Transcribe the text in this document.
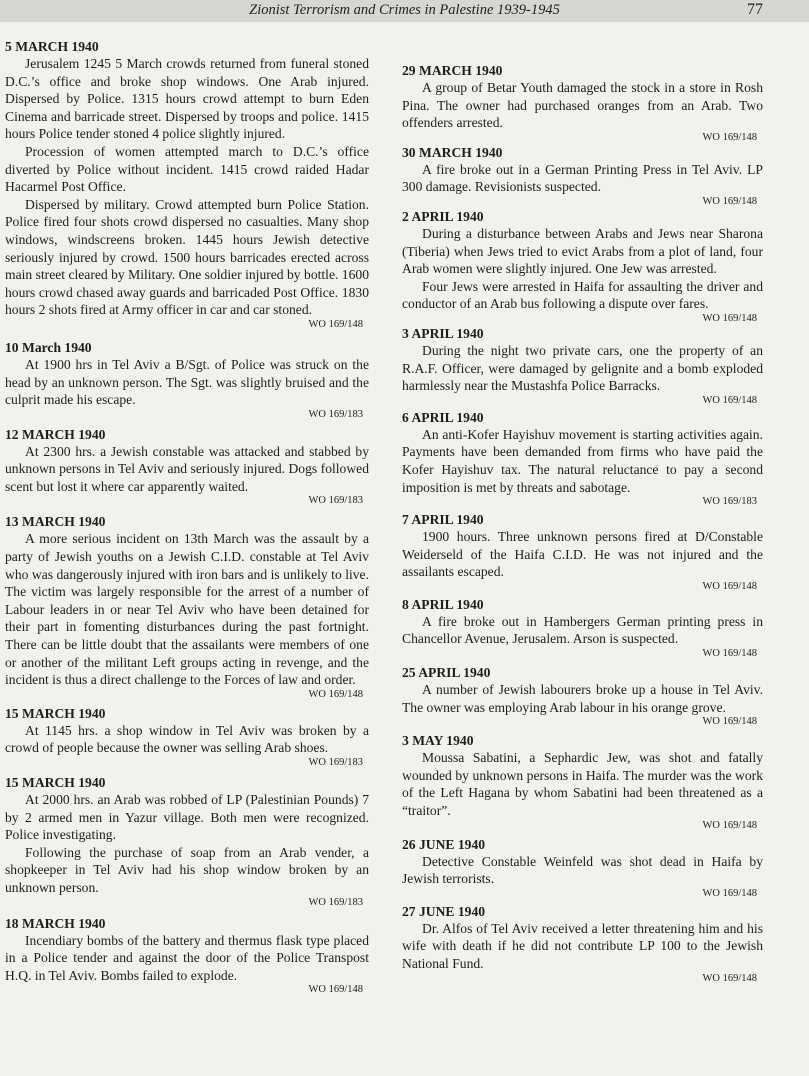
Zionist Terrorism and Crimes in Palestine 1939-1945	77
5 MARCH 1940

Jerusalem 1245 5 March crowds returned from funeral stoned D.C.’s office and broke shop windows. One Arab injured. Dispersed by Police. 1315 hours crowd attempt to burn Eden Cinema and barricade street. Dispersed by troops and police. 1415 hours Police tender stoned 4 police slightly injured.

Procession of women attempted march to D.C.’s office diverted by Police without incident. 1415 crowd raided Hadar Hacarmel Post Office.

Dispersed by military. Crowd attempted burn Police Station. Police fired four shots crowd dispersed no casualties. Many shop windows, windscreens broken. 1445 hours Jewish detective seriously injured by crowd. 1500 hours barricades erected across main street cleared by Military. One soldier injured by bottle. 1600 hours crowd chased away guards and barricaded Post Office. 1830 hours 2 shots fired at Army officer in car and car stoned.

WO 169/148
10 March 1940

At 1900 hrs in Tel Aviv a B/Sgt. of Police was struck on the head by an unknown person. The Sgt. was slightly bruised and the culprit made his escape.

WO 169/183
12 MARCH 1940

At 2300 hrs. a Jewish constable was attacked and stabbed by unknown persons in Tel Aviv and seriously injured. Dogs followed scent but lost it where car apparently waited.

WO 169/183
13 MARCH 1940

A more serious incident on 13th March was the assault by a party of Jewish youths on a Jewish C.I.D. constable at Tel Aviv who was dangerously injured with iron bars and is unlikely to live. The victim was largely responsible for the arrest of a number of Labour leaders in or near Tel Aviv who have been detained for their part in fomenting disturbances during the past fortnight. There can be little doubt that the assailants were members of one or another of the militant Left groups acting in revenge, and the incident is thus a direct challenge to the Forces of law and order.

WO 169/148
15 MARCH 1940

At 1145 hrs. a shop window in Tel Aviv was broken by a crowd of people because the owner was selling Arab shoes.

WO 169/183
15 MARCH 1940

At 2000 hrs. an Arab was robbed of LP (Palestinian Pounds) 7 by 2 armed men in Yazur village. Both men were recognized. Police investigating.

Following the purchase of soap from an Arab vender, a shopkeeper in Tel Aviv had his shop window broken by an unknown person.

WO 169/183
18 MARCH 1940

Incendiary bombs of the battery and thermus flask type placed in a Police tender and against the door of the Police Transpost H.Q. in Tel Aviv. Bombs failed to explode.

WO 169/148
29 MARCH 1940

A group of Betar Youth damaged the stock in a store in Rosh Pina. The owner had purchased oranges from an Arab. Two offenders arrested.

WO 169/148
30 MARCH 1940

A fire broke out in a German Printing Press in Tel Aviv. LP 300 damage. Revisionists suspected.

WO 169/148
2 APRIL 1940

During a disturbance between Arabs and Jews near Sharona (Tiberia) when Jews tried to evict Arabs from a plot of land, four Arab women were slightly injured. One Jew was arrested.

Four Jews were arrested in Haifa for assaulting the driver and conductor of an Arab bus following a dispute over fares.

WO 169/148
3 APRIL 1940

During the night two private cars, one the property of an R.A.F. Officer, were damaged by gelignite and a bomb exploded harmlessly near the Mustashfa Police Barracks.

WO 169/148
6 APRIL 1940

An anti-Kofer Hayishuv movement is starting activities again. Payments have been demanded from firms who have paid the Kofer Hayishuv tax. The natural reluctance to pay a second imposition is met by threats and sabotage.

WO 169/183
7 APRIL 1940

1900 hours. Three unknown persons fired at D/Constable Weiderseld of the Haifa C.I.D. He was not injured and the assailants escaped.

WO 169/148
8 APRIL 1940

A fire broke out in Hambergers German printing press in Chancellor Avenue, Jerusalem. Arson is suspected.

WO 169/148
25 APRIL 1940

A number of Jewish labourers broke up a house in Tel Aviv. The owner was employing Arab labour in his orange grove.

WO 169/148
3 MAY 1940

Moussa Sabatini, a Sephardic Jew, was shot and fatally wounded by unknown persons in Haifa. The murder was the work of the Left Hagana by whom Sabatini had been threatened as a “traitor”.

WO 169/148
26 JUNE 1940

Detective Constable Weinfeld was shot dead in Haifa by Jewish terrorists.

WO 169/148
27 JUNE 1940

Dr. Alfos of Tel Aviv received a letter threatening him and his wife with death if he did not contribute LP 100 to the Jewish National Fund.

WO 169/148
